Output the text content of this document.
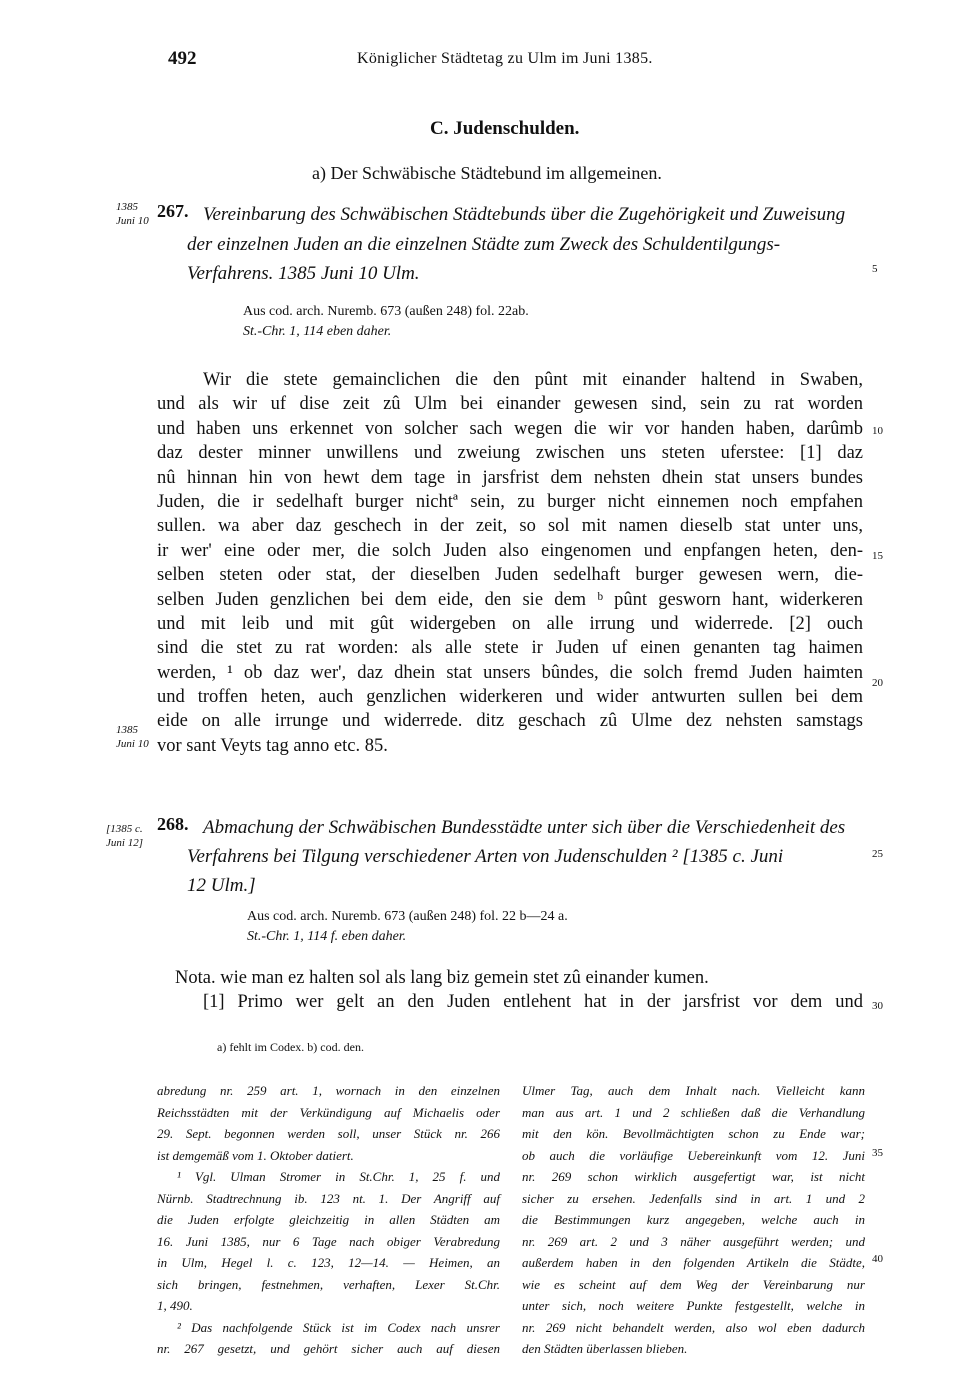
492	Königlicher Städtetag zu Ulm im Juni 1385.
C. Judenschulden.
a) Der Schwäbische Städtebund im allgemeinen.
1385
Juni 10 267. Vereinbarung des Schwäbischen Städtebunds über die Zugehörigkeit und Zuweisung
der einzelnen Juden an die einzelnen Städte zum Zweck des Schuldentilgungs-
Verfahrens. 1385 Juni 10 Ulm.
Aus cod. arch. Nuremb. 673 (außen 248) fol. 22ab.
St.-Chr. 1, 114 eben daher.
Wir die stete gemainclichen die den pûnt mit einander haltend in Swaben,
und als wir uf dise zeit zû Ulm bei einander gewesen sind, sein zu rat worden
und haben uns erkennet von solcher sach wegen die wir vor handen haben, darûmb
daz dester minner unwillens und zweiung zwischen uns steten uferstee: [1] daz
nû hinnan hin von hewt dem tage in jarsfrist dem nehsten dhein stat unsers bundes
Juden, die ir sedelhaft burger nichtª sein, zu burger nicht einnemen noch empfahen
sullen. wa aber daz geschech in der zeit, so sol mit namen dieselb stat unter uns,
ir wer' eine oder mer, die solch Juden also eingenomen und enpfangen heten, den-
selben steten oder stat, der dieselben Juden sedelhaft burger gewesen wern, die-
selben Juden genzlichen bei dem eide, den sie dem ᵇ pûnt gesworn hant, widerkeren
und mit leib und mit gût widergeben on alle irrung und widerrede. [2] ouch
sind die stet zu rat worden: als alle stete ir Juden uf einen genanten tag haimen
werden, ¹ ob daz wer', daz dhein stat unsers bûndes, die solch fremd Juden haimten
und troffen heten, auch genzlichen widerkeren und wider antwurten sullen bei dem
eide on alle irrunge und widerrede. ditz geschach zû Ulme dez nehsten samstags
vor sant Veyts tag anno etc. 85.
1385
Juni 10
[1385 c.
Juni 12]
268. Abmachung der Schwäbischen Bundesstädte unter sich über die Verschiedenheit des
Verfahrens bei Tilgung verschiedener Arten von Judenschulden ² [1385 c. Juni
12 Ulm.]
Aus cod. arch. Nuremb. 673 (außen 248) fol. 22 b—24 a.
St.-Chr. 1, 114 f. eben daher.
Nota. wie man ez halten sol als lang biz gemein stet zû einander kumen.
[1] Primo wer gelt an den Juden entlehent hat in der jarsfrist vor dem und
5
10
15
20
25
30
35
40
a) fehlt im Codex. b) cod. den.
abredung nr. 259 art. 1, wornach in den einzelnen
Reichsstädten mit der Verkündigung auf Michaelis oder
29. Sept. begonnen werden soll, unser Stück nr. 266
ist demgemäß vom 1. Oktober datiert.
¹ Vgl. Ulman Stromer in St.Chr. 1, 25 f. und
Nürnb. Stadtrechnung ib. 123 nt. 1. Der Angriff auf
die Juden erfolgte gleichzeitig in allen Städten am
16. Juni 1385, nur 6 Tage nach obiger Verabredung
in Ulm, Hegel l. c. 123, 12—14. — Heimen, an
sich bringen, festnehmen, verhaften, Lexer St.Chr.
1, 490.
² Das nachfolgende Stück ist im Codex nach unsrer
nr. 267 gesetzt, und gehört sicher auch auf diesen
Ulmer Tag, auch dem Inhalt nach. Vielleicht kann
man aus art. 1 und 2 schließen daß die Verhandlung
mit den kön. Bevollmächtigten schon zu Ende war;
ob auch die vorläufige Uebereinkunft vom 12. Juni
nr. 269 schon wirklich ausgefertigt war, ist nicht
sicher zu ersehen. Jedenfalls sind in art. 1 und 2
die Bestimmungen kurz angegeben, welche auch in
nr. 269 art. 2 und 3 näher ausgeführt werden; und
außerdem haben in den folgenden Artikeln die Städte,
wie es scheint auf dem Weg der Vereinbarung nur
unter sich, noch weitere Punkte festgestellt, welche in
nr. 269 nicht behandelt werden, also wol eben dadurch
den Städten überlassen blieben.
